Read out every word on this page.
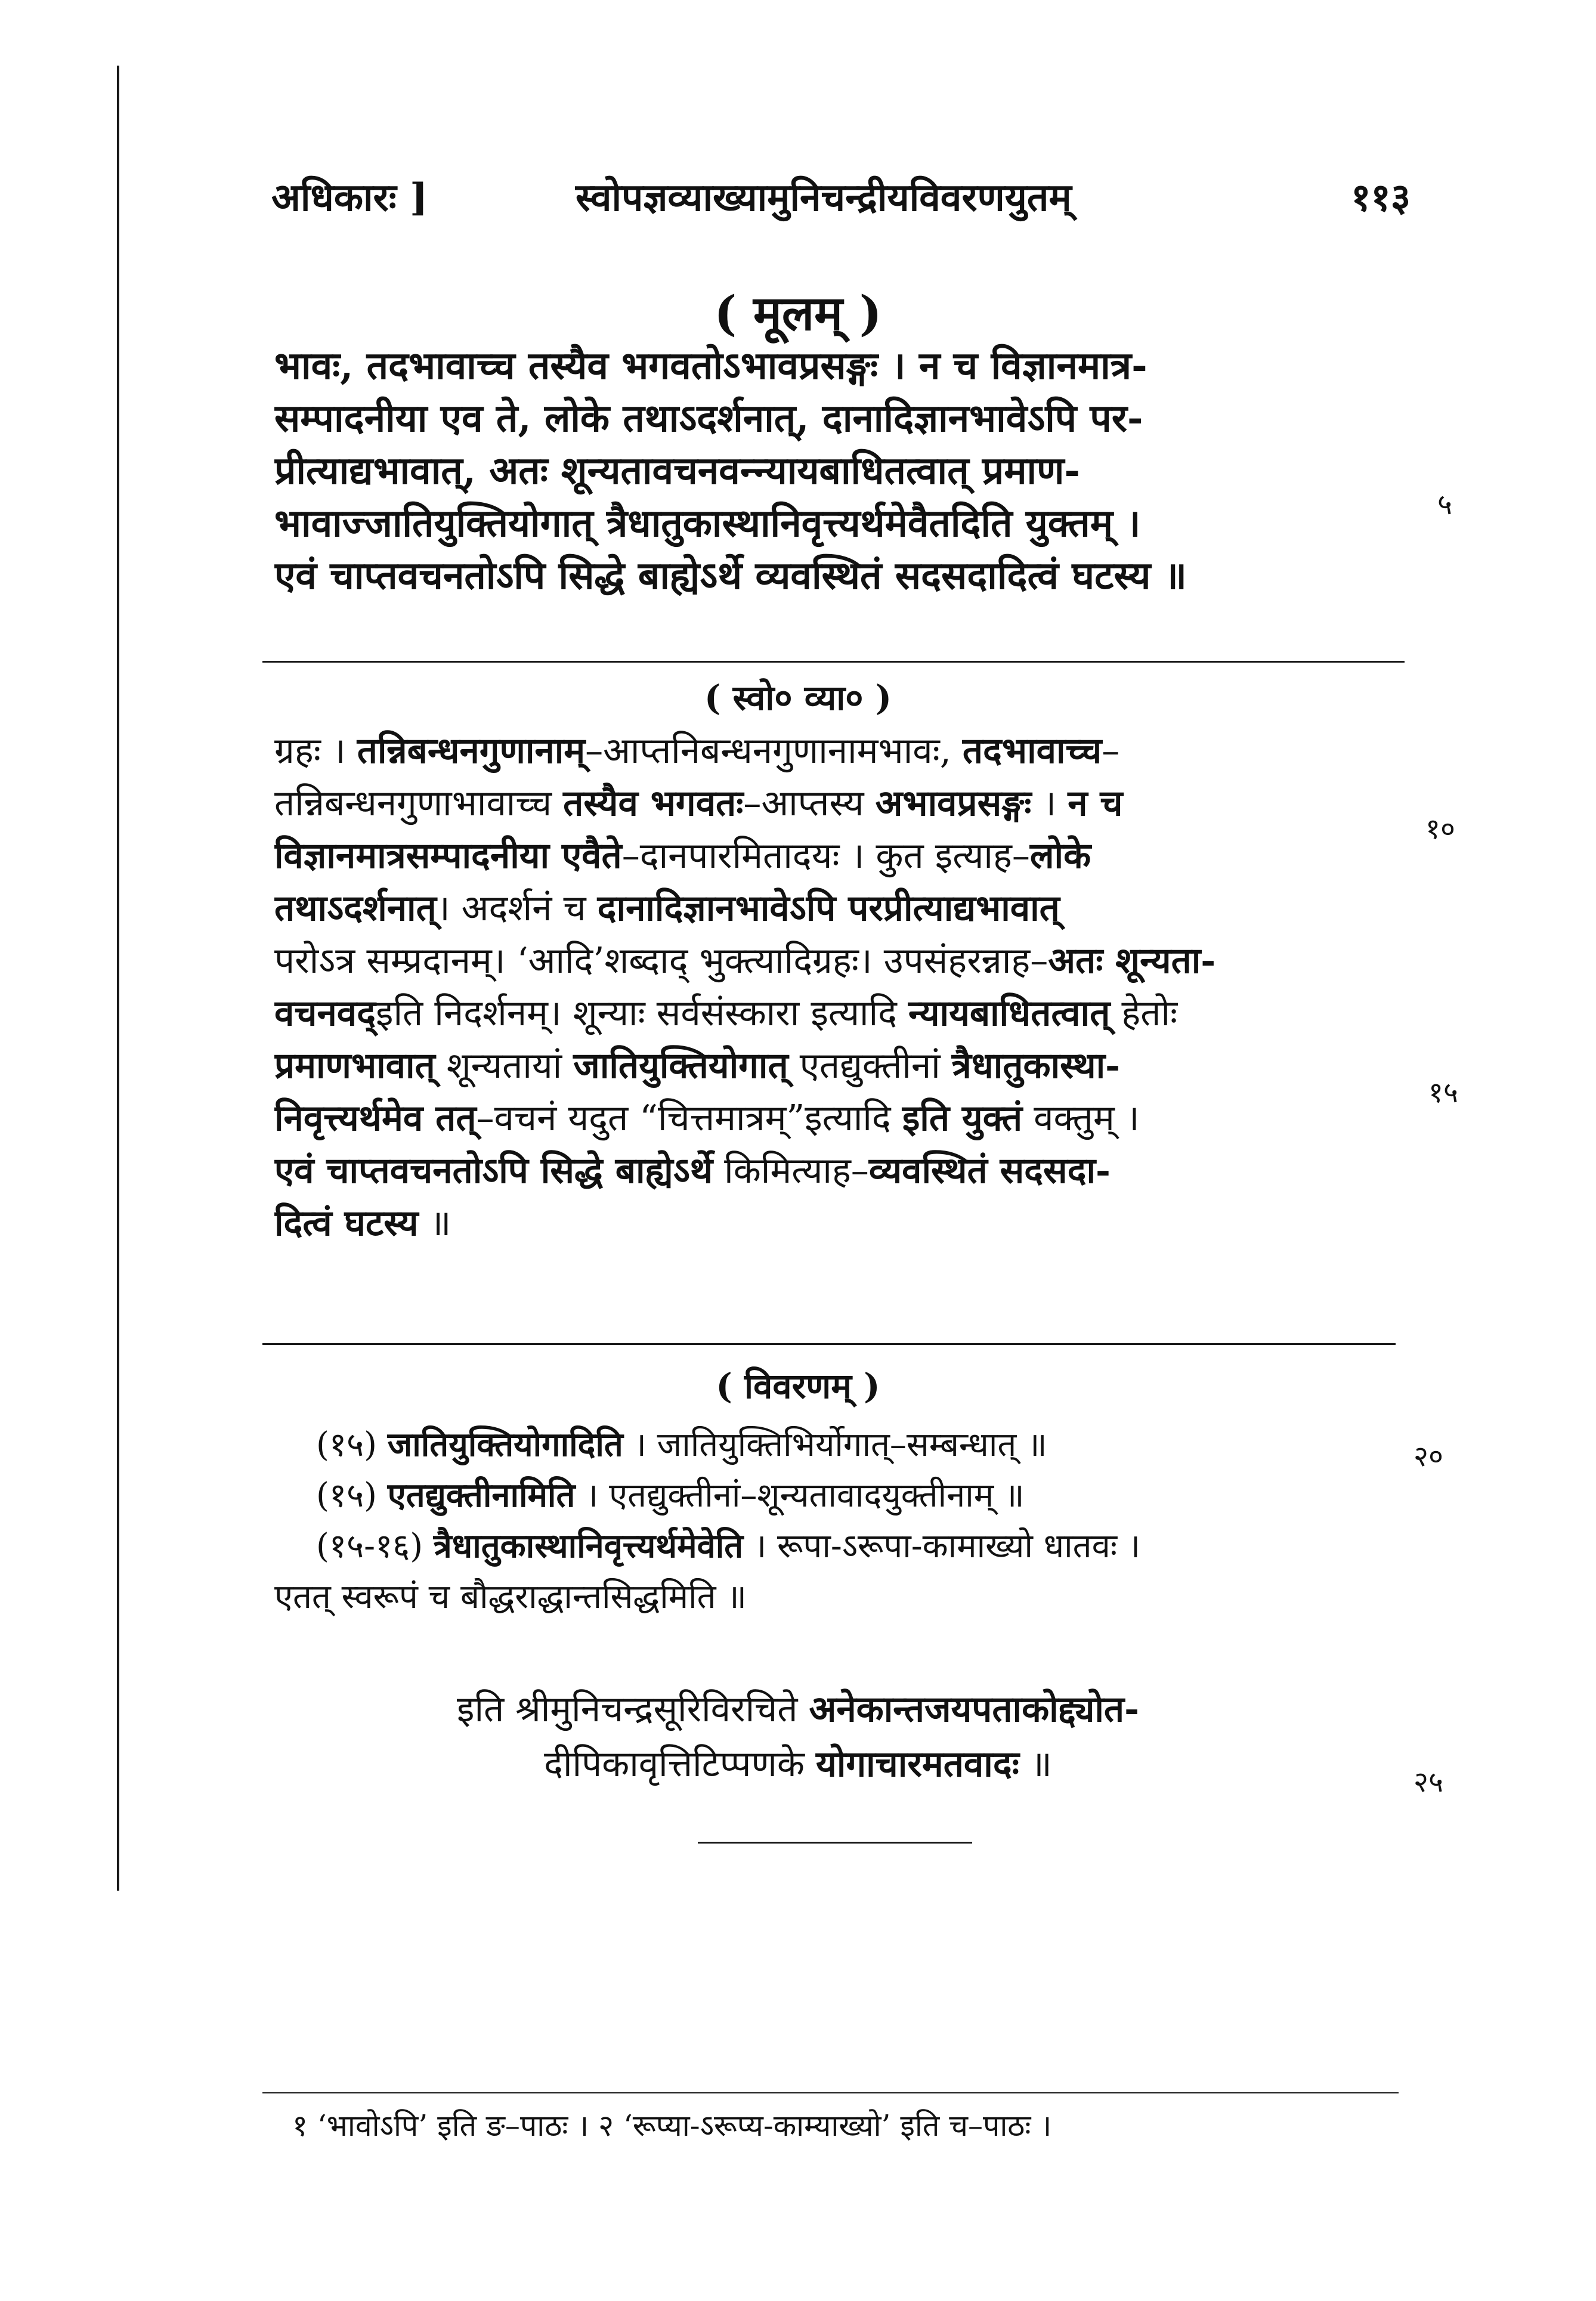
अधिकारः ]	स्वोपज्ञव्याख्यामुनिचन्द्रीयविवरणयुतम्	११३
( मूलम् )
भावः, तदभावाच्च तस्यैव भगवतोऽभावप्रसङ्गः । न च विज्ञानमात्र-
सम्पादनीया एव ते, लोके तथाऽदर्शनात्, दानादिज्ञानभावेऽपि पर-
प्रीत्याद्यभावात्, अतः शून्यतावचनवन्न्यायबाधितत्वात् प्रमाण-
भावाज्जातियुक्तियोगात् त्रैधातुकास्थानिवृत्त्यर्थमेवैतदिति युक्तम् ।
एवं चाप्तवचनतोऽपि सिद्धे बाह्येऽर्थे व्यवस्थितं सदसदादित्वं घटस्य ॥
( स्वो० व्या० )
ग्रहः । तन्निबन्धनगुणानाम्–आप्तनिबन्धनगुणानामभावः, तदभावाच्च–
तन्निबन्धनगुणाभावाच्च तस्यैव भगवतः–आप्तस्य अभावप्रसङ्गः । न च
विज्ञानमात्रसम्पादनीया एवैते–दानपारमितादयः । कुत इत्याह–लोके
तथाऽदर्शनात्। अदर्शनं च दानादिज्ञानभावेऽपि परप्रीत्याद्यभावात्
परोऽत्र सम्प्रदानम्। ‘आदि’शब्दाद् भुक्त्यादिग्रहः। उपसंहरन्नाह–अतः शून्यता-
वचनवद्इति निदर्शनम्। शून्याः सर्वसंस्कारा इत्यादि न्यायबाधितत्वात् हेतोः
प्रमाणभावात् शून्यतायां जातियुक्तियोगात् एतद्युक्तीनां त्रैधातुकास्था-
निवृत्त्यर्थमेव तत्–वचनं यदुत “चित्तमात्रम्”इत्यादि इति युक्तं वक्तुम् ।
एवं चाप्तवचनतोऽपि सिद्धे बाह्येऽर्थे किमित्याह–व्यवस्थितं सदसदा-
दित्वं घटस्य ॥
( विवरणम् )
(१५) जातियुक्तियोगादिति । जातियुक्तिभिर्योगात्–सम्बन्धात् ॥
(१५) एतद्युक्तीनामिति । एतद्युक्तीनां–शून्यतावादयुक्तीनाम् ॥
(१५-१६) त्रैधातुकास्थानिवृत्त्यर्थमेवेति । रूपा-ऽरूपा-कामाख्यो धातवः ।
एतत् स्वरूपं च बौद्धराद्धान्तसिद्धमिति ॥
इति श्रीमुनिचन्द्रसूरिविरचिते अनेकान्तजयपताकोद्द्योत-
दीपिकावृत्तिटिप्पणके योगाचारमतवादः ॥
५
१०
१५
२०
२५
१ ‘भावोऽपि’ इति ङ–पाठः । २ ‘रूप्या-ऽरूप्य-काम्याख्यो’ इति च–पाठः ।
